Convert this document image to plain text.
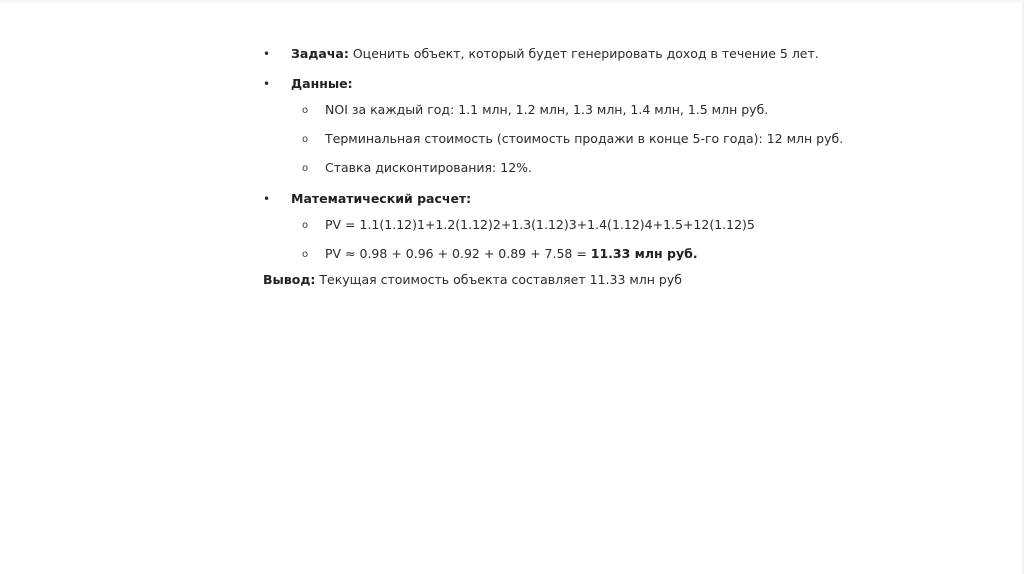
• Задача: Оценить объект, который будет генерировать доход в течение 5 лет.
• Данные:
o NOI за каждый год: 1.1 млн, 1.2 млн, 1.3 млн, 1.4 млн, 1.5 млн руб.
o Терминальная стоимость (стоимость продажи в конце 5-го года): 12 млн руб.
o Ставка дисконтирования: 12%.
• Математический расчет:
o PV = 1.1(1.12)1+1.2(1.12)2+1.3(1.12)3+1.4(1.12)4+1.5+12(1.12)5
o PV ≈ 0.98 + 0.96 + 0.92 + 0.89 + 7.58 = 11.33 млн руб.
Вывод: Текущая стоимость объекта составляет 11.33 млн руб
